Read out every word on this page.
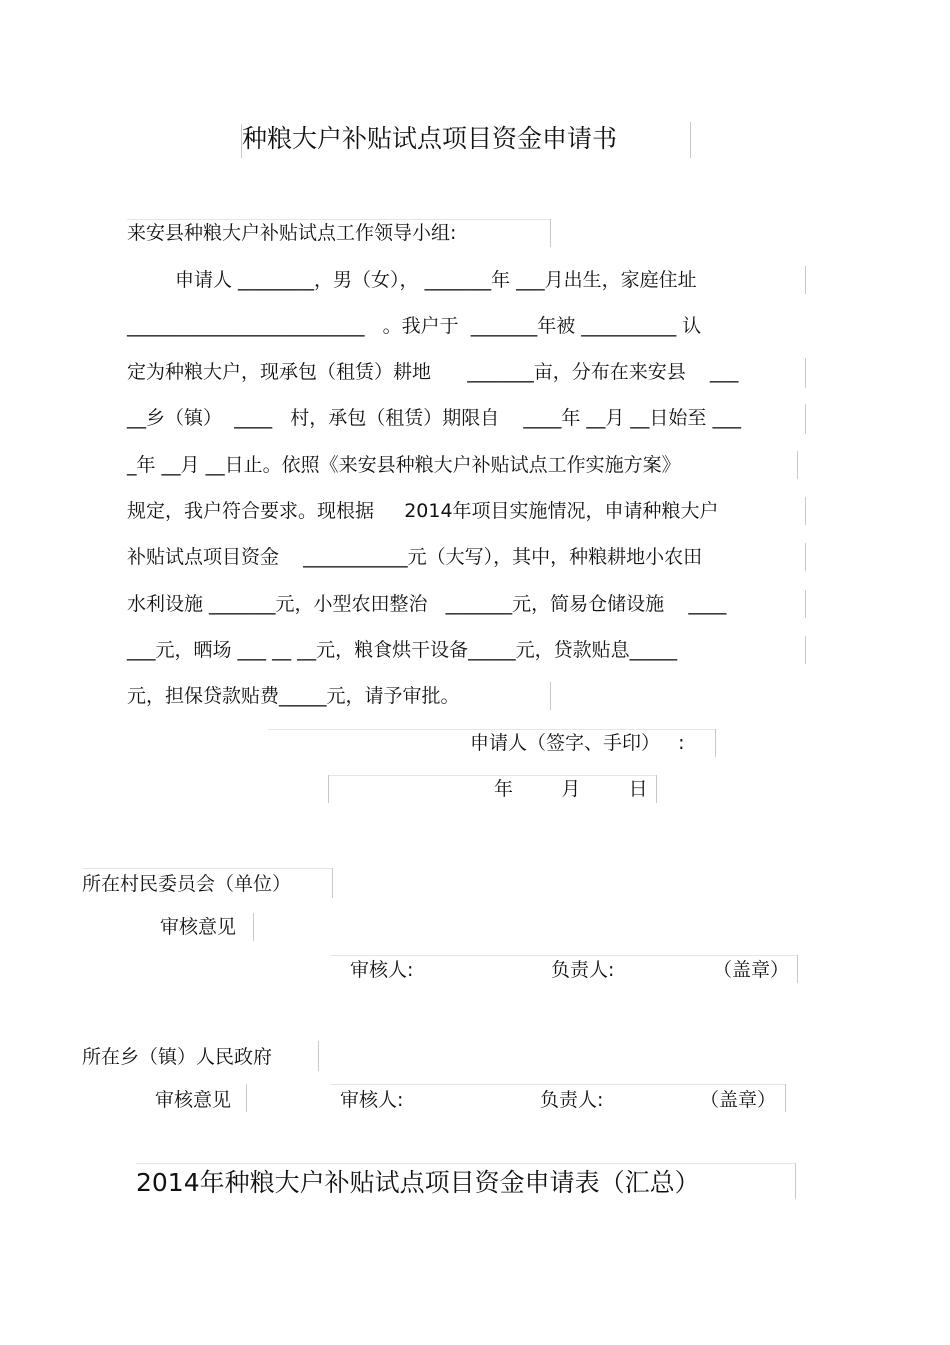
种粮大户补贴试点项目资金申请书
来安县种粮大户补贴试点工作领导小组:
申请人 ________，男（女）， _______年 ___月出生，家庭住址
_________________________   。我户于  _______年被 __________ 认
定为种粮大户，现承包（租赁）耕地      _______亩，分布在来安县    ___
__乡（镇）  ____   村，承包（租赁）期限自    ____年 __月 __日始至 ___
_年 __月 __日止。依照《来安县种粮大户补贴试点工作实施方案》
规定，我户符合要求。现根据     2014年项目实施情况，申请种粮大户
补贴试点项目资金    ___________元（大写），其中，种粮耕地小农田
水利设施 _______元，小型农田整治   _______元，简易仓储设施    ____
___元，晒场 ___ __ __元，粮食烘干设备_____元，贷款贴息_____
元，担保贷款贴费_____元，请予审批。
申请人（签字、手印）   :
年        月        日
所在村民委员会（单位）
审核意见
审核人:	负责人:	（盖章）
所在乡（镇）人民政府
审核意见	审核人:	负责人:	（盖章）
2014年种粮大户补贴试点项目资金申请表（汇总）
